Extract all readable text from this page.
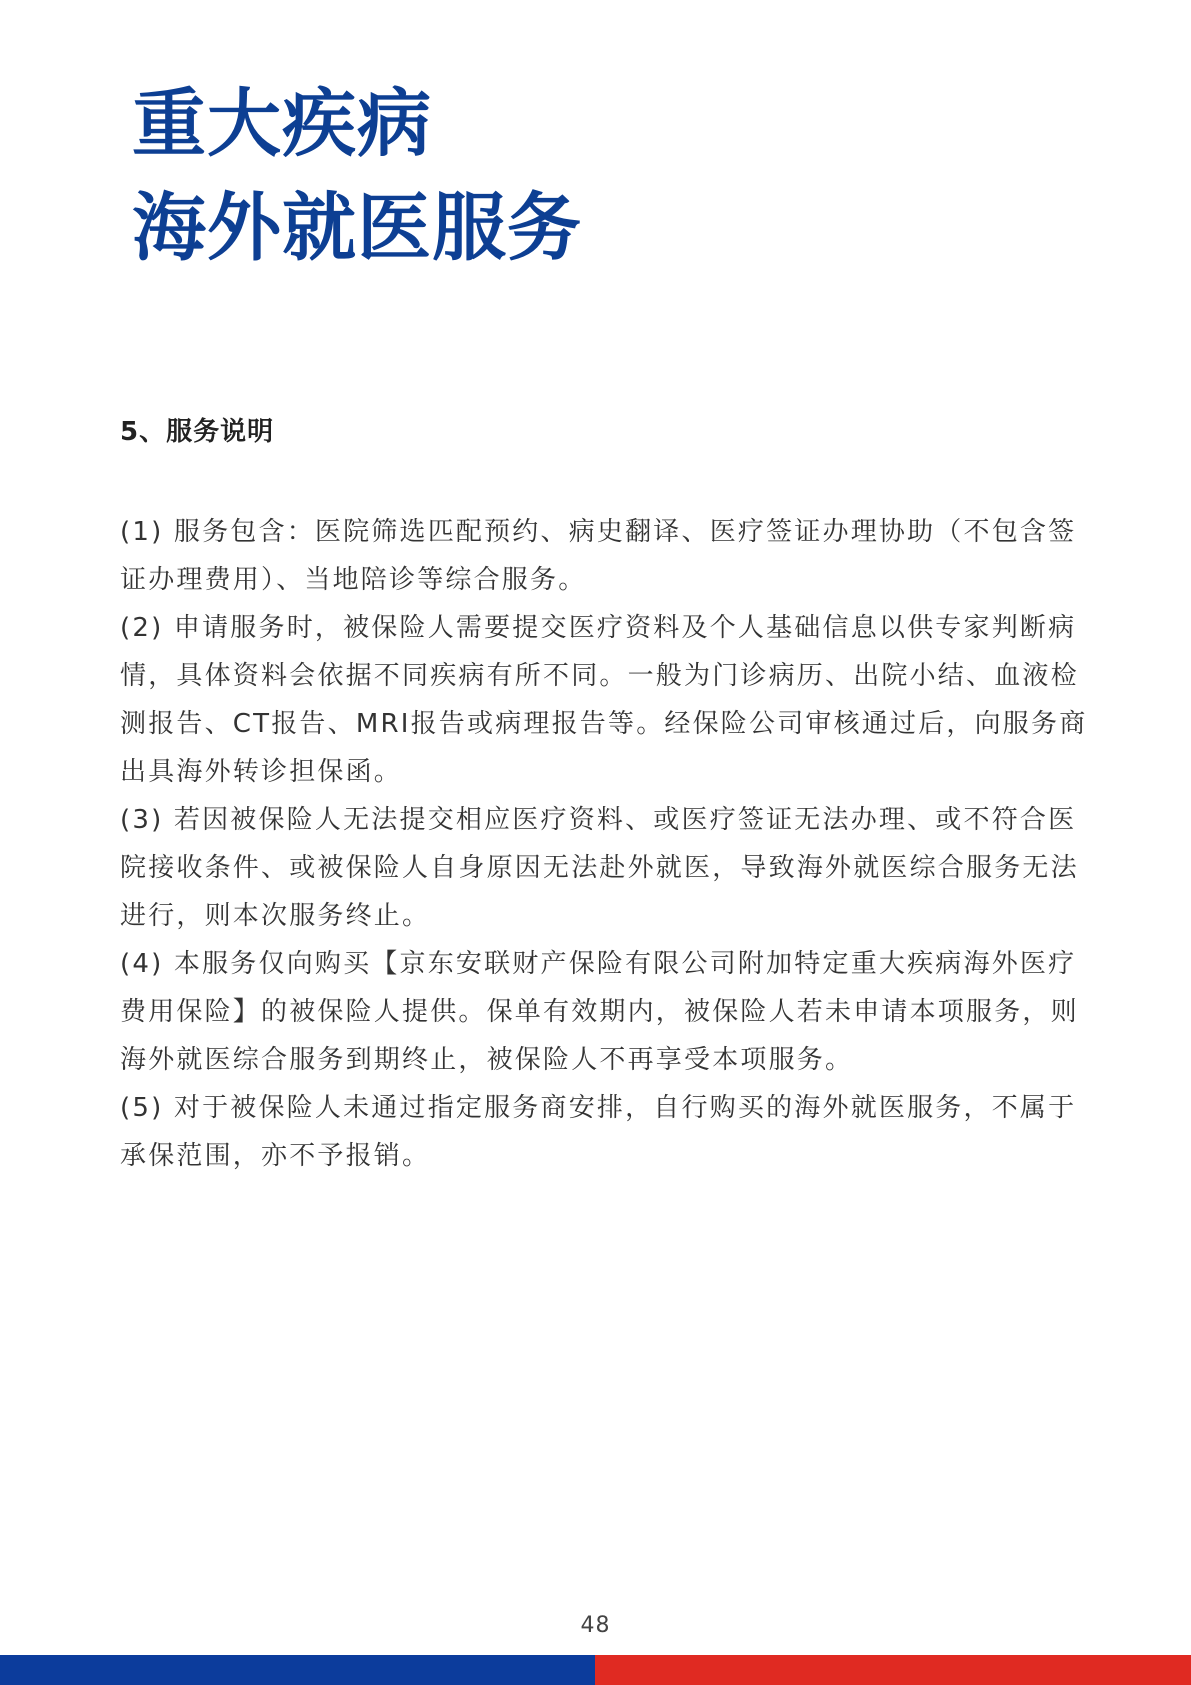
重大疾病
海外就医服务
5、服务说明

(1) 服务包含：医院筛选匹配预约、病史翻译、医疗签证办理协助（不包含签证办理费用）、当地陪诊等综合服务。

(2) 申请服务时，被保险人需要提交医疗资料及个人基础信息以供专家判断病情，具体资料会依据不同疾病有所不同。一般为门诊病历、出院小结、血液检测报告、CT报告、MRI报告或病理报告等。经保险公司审核通过后，向服务商出具海外转诊担保函。

(3) 若因被保险人无法提交相应医疗资料、或医疗签证无法办理、或不符合医院接收条件、或被保险人自身原因无法赴外就医，导致海外就医综合服务无法进行，则本次服务终止。

(4) 本服务仅向购买【京东安联财产保险有限公司附加特定重大疾病海外医疗费用保险】的被保险人提供。保单有效期内，被保险人若未申请本项服务，则海外就医综合服务到期终止，被保险人不再享受本项服务。

(5) 对于被保险人未通过指定服务商安排，自行购买的海外就医服务，不属于承保范围，亦不予报销。

48
